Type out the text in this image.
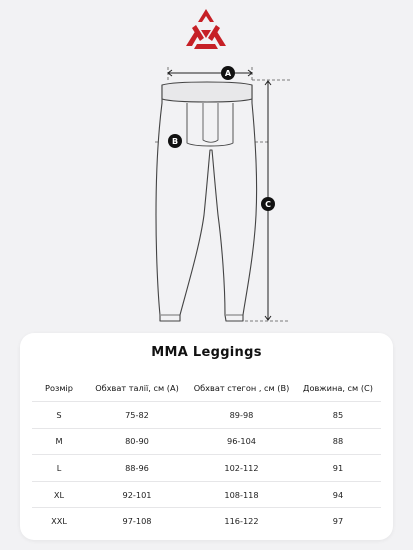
A
B
C
MMA Leggings
Розмір	Обхват талії, см (A)	Обхват стегон , см (B)	Довжина, см (C)
S	75-82	89-98	85
M	80-90	96-104	88
L	88-96	102-112	91
XL	92-101	108-118	94
XXL	97-108	116-122	97
